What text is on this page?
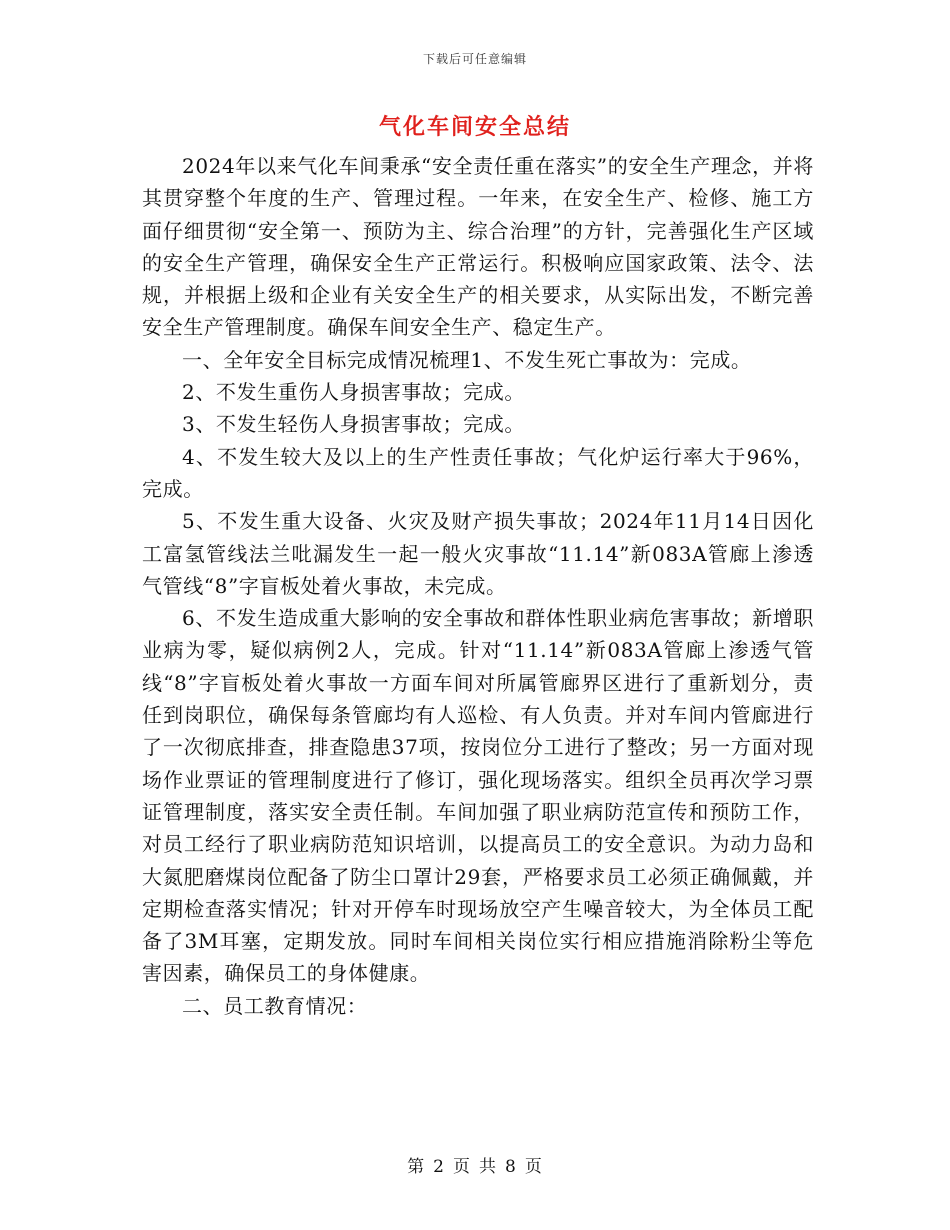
下载后可任意编辑
气化车间安全总结

2024年以来气化车间秉承“安全责任重在落实”的安全生产理念，并将其贯穿整个年度的生产、管理过程。一年来，在安全生产、检修、施工方面仔细贯彻“安全第一、预防为主、综合治理”的方针，完善强化生产区域的安全生产管理，确保安全生产正常运行。积极响应国家政策、法令、法规，并根据上级和企业有关安全生产的相关要求，从实际出发，不断完善安全生产管理制度。确保车间安全生产、稳定生产。

一、全年安全目标完成情况梳理1、不发生死亡事故为：完成。

2、不发生重伤人身损害事故；完成。

3、不发生轻伤人身损害事故；完成。

4、不发生较大及以上的生产性责任事故；气化炉运行率大于96%，完成。

5、不发生重大设备、火灾及财产损失事故；2024年11月14日因化工富氢管线法兰吡漏发生一起一般火灾事故“11.14”新083A管廊上渗透气管线“8”字盲板处着火事故，未完成。

6、不发生造成重大影响的安全事故和群体性职业病危害事故；新增职业病为零，疑似病例2人，完成。针对“11.14”新083A管廊上渗透气管线“8”字盲板处着火事故一方面车间对所属管廊界区进行了重新划分，责任到岗职位，确保每条管廊均有人巡检、有人负责。并对车间内管廊进行了一次彻底排查，排查隐患37项，按岗位分工进行了整改；另一方面对现场作业票证的管理制度进行了修订，强化现场落实。组织全员再次学习票证管理制度，落实安全责任制。车间加强了职业病防范宣传和预防工作，对员工经行了职业病防范知识培训，以提高员工的安全意识。为动力岛和大氮肥磨煤岗位配备了防尘口罩计29套，严格要求员工必须正确佩戴，并定期检查落实情况；针对开停车时现场放空产生噪音较大，为全体员工配备了3M耳塞，定期发放。同时车间相关岗位实行相应措施消除粉尘等危害因素，确保员工的身体健康。

二、员工教育情况：

第 2 页 共 8 页
